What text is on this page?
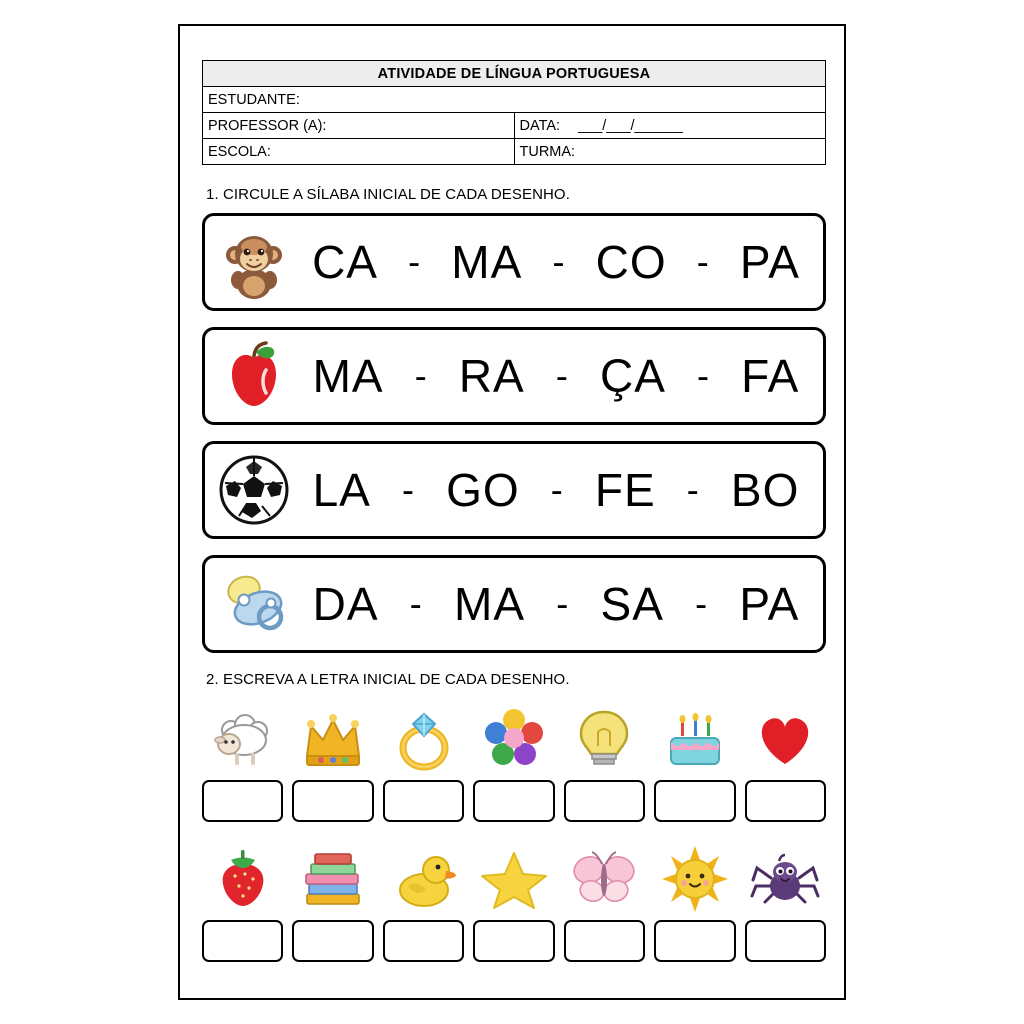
ATIVIDADE DE LÍNGUA PORTUGUESA	
ESTUDANTE:	
PROFESSOR (A):	DATA: ___/___/______
ESCOLA:	TURMA:
1. CIRCULE A SÍLABA INICIAL DE CADA DESENHO.
CA - MA - CO - PA
MA - RA - ÇA - FA
LA - GO - FE - BO
DA - MA - SA - PA
2. ESCREVA A LETRA INICIAL DE CADA DESENHO.
